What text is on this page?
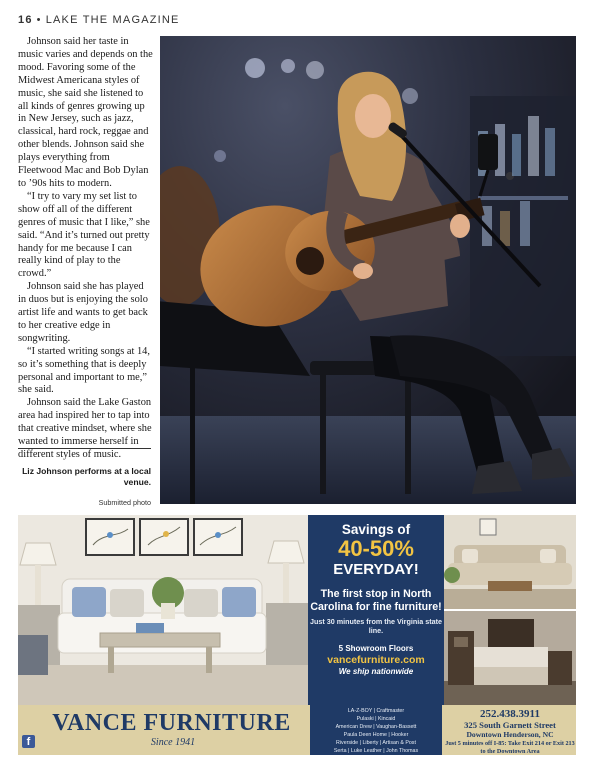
16 • LAKE THE MAGAZINE

Johnson said her taste in music varies and depends on the mood. Favoring some of the Midwest Americana styles of music, she said she listened to all kinds of genres growing up in New Jersey, such as jazz, classical, hard rock, reggae and other blends. Johnson said she plays everything from Fleetwood Mac and Bob Dylan to ’90s hits to modern.

“I try to vary my set list to show off all of the different genres of music that I like,” she said. “And it’s turned out pretty handy for me because I can really kind of play to the crowd.”

Johnson said she has played in duos but is enjoying the solo artist life and wants to get back to her creative edge in songwriting.

“I started writing songs at 14, so it’s something that is deeply personal and important to me,” she said.

Johnson said the Lake Gaston area had inspired her to tap into that creative mindset, where she wanted to immerse herself in different styles of music.

Liz Johnson performs at a local venue.
Submitted photo
Savings of
40-50%
EVERYDAY!
The first stop in North Carolina for fine furniture!
Just 30 minutes from the Virginia state line.
5 Showroom Floors
vancefurniture.com
We ship nationwide
VANCE FURNITURE
Since 1941
f
LA-Z-BOY | Craftmaster
Pulaski | Kincaid
American Drew | Vaughan-Bassett
Paula Deen Home | Hooker
Riverside | Liberty | Artisan & Post
Serta | Luke Leather | John Thomas
252.438.3911
325 South Garnett Street
Downtown Henderson, NC
Just 5 minutes off I-85: Take Exit 214 or Exit 213 to the Downtown Area
